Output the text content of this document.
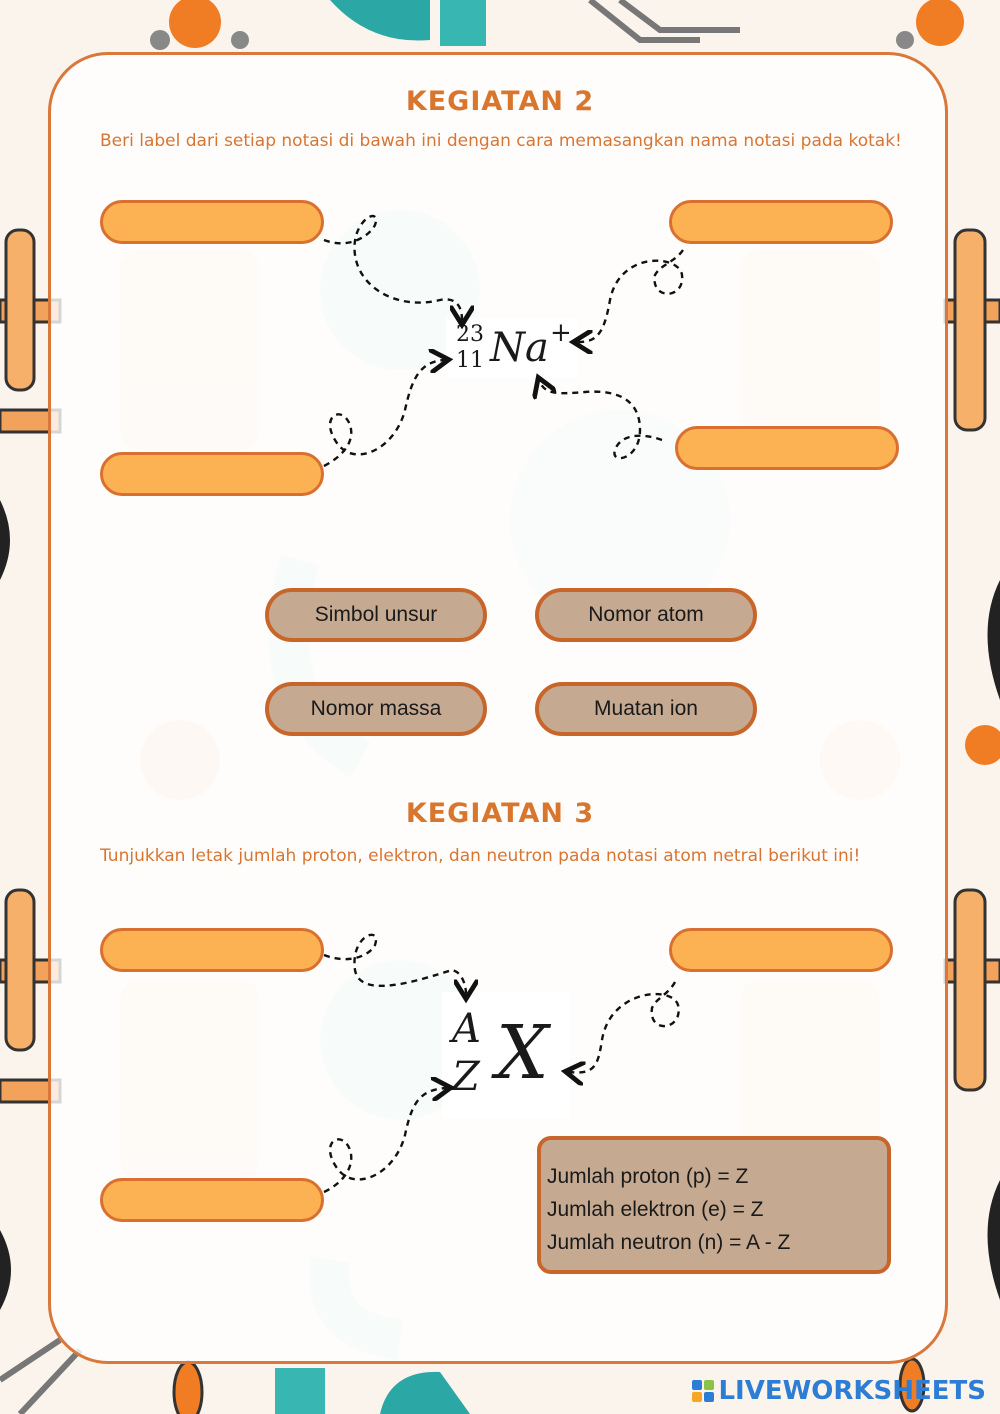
KEGIATAN 2
Beri label dari setiap notasi di bawah ini dengan cara memasangkan nama notasi pada kotak!
23
11 Na +
Simbol unsur	Nomor atom
Nomor massa	Muatan ion
KEGIATAN 3
Tunjukkan letak jumlah proton, elektron, dan neutron pada notasi atom netral berikut ini!
A
Z X
Jumlah proton (p) = Z
Jumlah elektron (e) = Z
Jumlah neutron (n) = A - Z
LIVEWORKSHEETS
